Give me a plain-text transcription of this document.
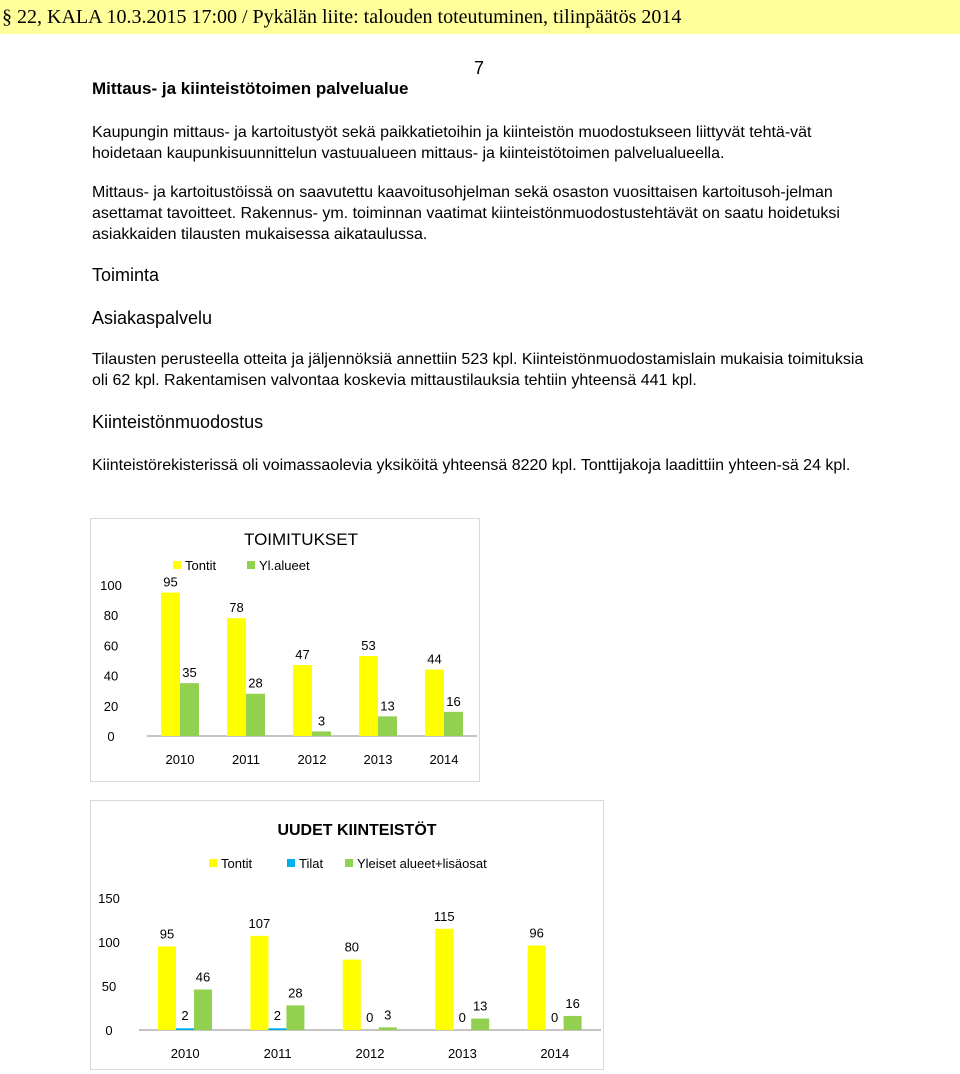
§ 22, KALA 10.3.2015 17:00 / Pykälän liite: talouden toteutuminen, tilinpäätös 2014
7
Mittaus- ja kiinteistötoimen palvelualue
Kaupungin mittaus- ja kartoitustyöt sekä paikkatietoihin ja kiinteistön muodostukseen liittyvät tehtä-vät hoidetaan kaupunkisuunnittelun vastuualueen mittaus- ja kiinteistötoimen palvelualueella.
Mittaus- ja kartoitustöissä on saavutettu kaavoitusohjelman sekä osaston vuosittaisen kartoitusoh-jelman asettamat tavoitteet. Rakennus- ym. toiminnan vaatimat kiinteistönmuodostustehtävät on saatu hoidetuksi asiakkaiden tilausten mukaisessa aikataulussa.
Toiminta
Asiakaspalvelu
Tilausten perusteella otteita ja jäljennöksiä annettiin 523 kpl. Kiinteistönmuodostamislain mukaisia toimituksia oli 62 kpl. Rakentamisen valvontaa koskevia mittaustilauksia tehtiin yhteensä 441 kpl.
Kiinteistönmuodostus
Kiinteistörekisterissä oli voimassaolevia yksiköitä yhteensä 8220 kpl. Tonttijakoja laadittiin yhteen-sä 24 kpl.
TOIMITUKSET
Tontit	Yl.alueet
0
20
40
60
80
100
2010
95
35
2011
78
28
2012
47
3
2013
53
13
2014
44
16
UUDET KIINTEISTÖT
Tontit	Tilat	Yleiset alueet+lisäosat
0
50
100
150
2010
95
2
46
2011
107
2
28
2012
80
0 3
2013
115
0
13
2014
96
0
16
